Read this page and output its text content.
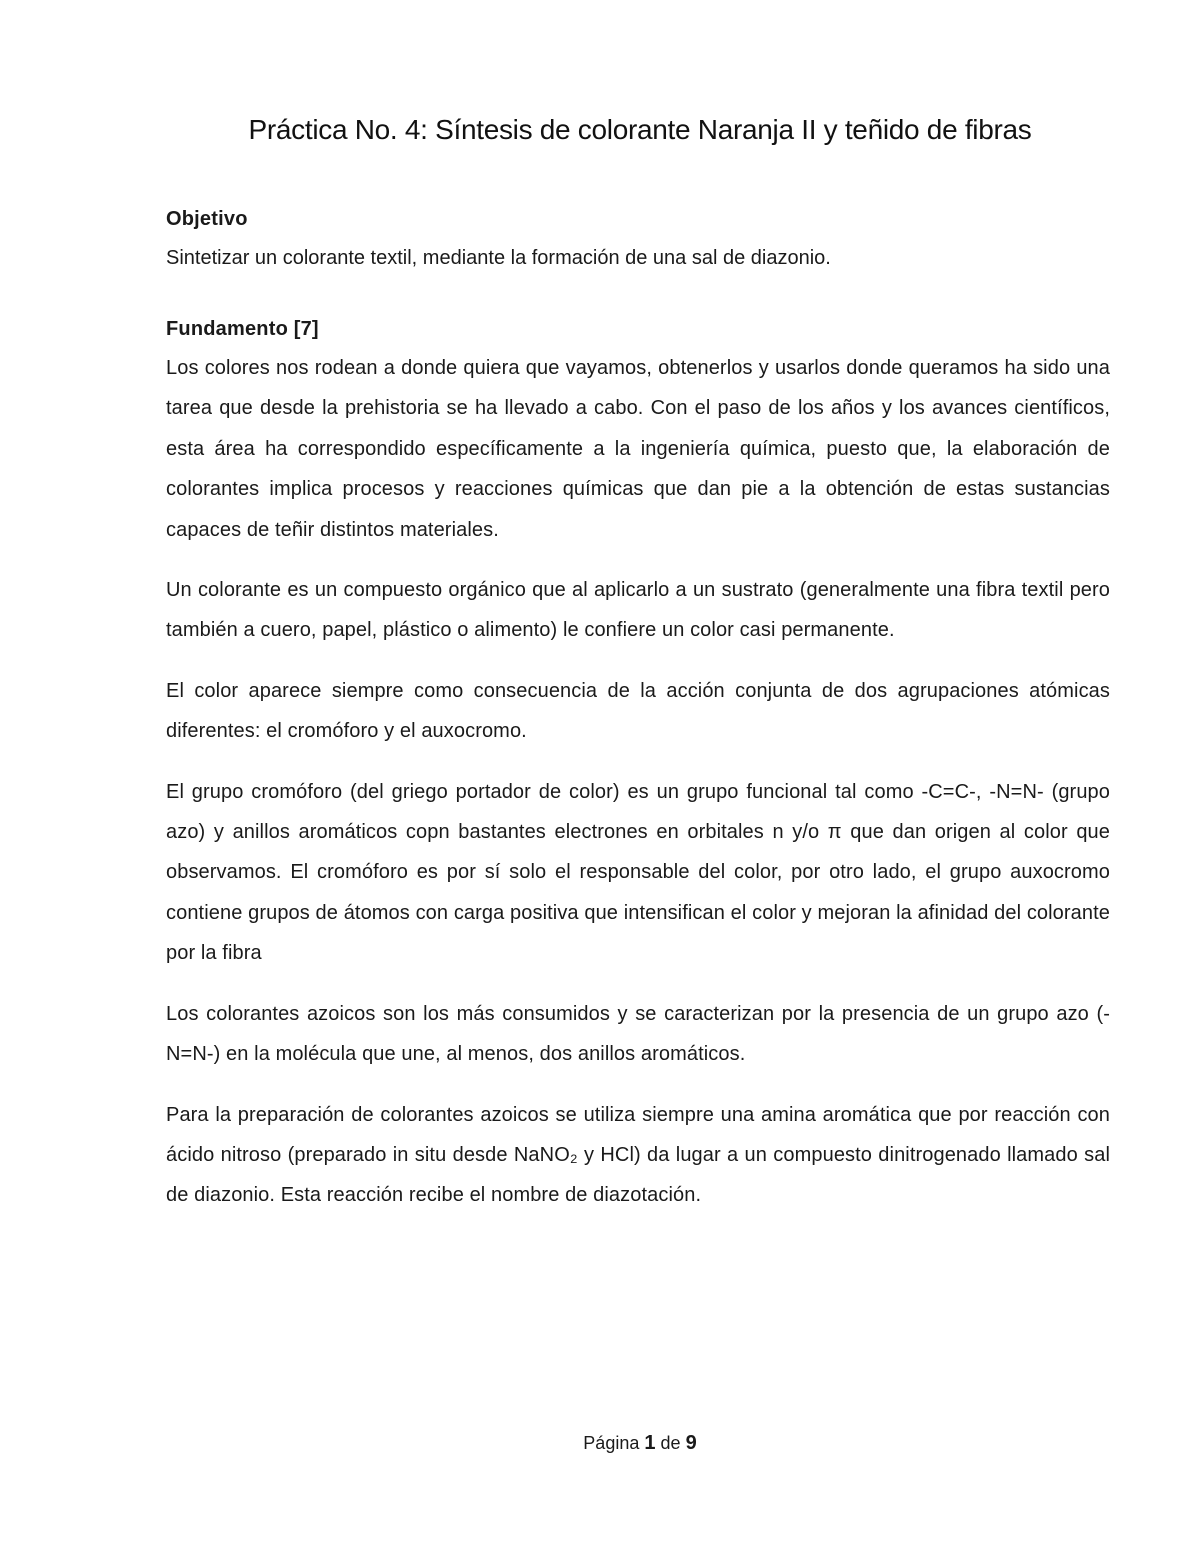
Práctica No. 4: Síntesis de colorante Naranja II y teñido de fibras

Objetivo

Sintetizar un colorante textil, mediante la formación de una sal de diazonio.

Fundamento [7]

Los colores nos rodean a donde quiera que vayamos, obtenerlos y usarlos donde queramos ha sido una tarea que desde la prehistoria se ha llevado a cabo. Con el paso de los años y los avances científicos, esta área ha correspondido específicamente a la ingeniería química, puesto que, la elaboración de colorantes implica procesos y reacciones químicas que dan pie a la obtención de estas sustancias capaces de teñir distintos materiales.

Un colorante es un compuesto orgánico que al aplicarlo a un sustrato (generalmente una fibra textil pero también a cuero, papel, plástico o alimento) le confiere un color casi permanente.

El color aparece siempre como consecuencia de la acción conjunta de dos agrupaciones atómicas diferentes: el cromóforo y el auxocromo.

El grupo cromóforo (del griego portador de color) es un grupo funcional tal como -C=C-, -N=N- (grupo azo) y anillos aromáticos copn bastantes electrones en orbitales n y/o π que dan origen al color que observamos. El cromóforo es por sí solo el responsable del color, por otro lado, el grupo auxocromo contiene grupos de átomos con carga positiva que intensifican el color y mejoran la afinidad del colorante por la fibra

Los colorantes azoicos son los más consumidos y se caracterizan por la presencia de un grupo azo (-N=N-) en la molécula que une, al menos, dos anillos aromáticos.

Para la preparación de colorantes azoicos se utiliza siempre una amina aromática que por reacción con ácido nitroso (preparado in situ desde NaNO₂ y HCl) da lugar a un compuesto dinitrogenado llamado sal de diazonio. Esta reacción recibe el nombre de diazotación.

Página 1 de 9
